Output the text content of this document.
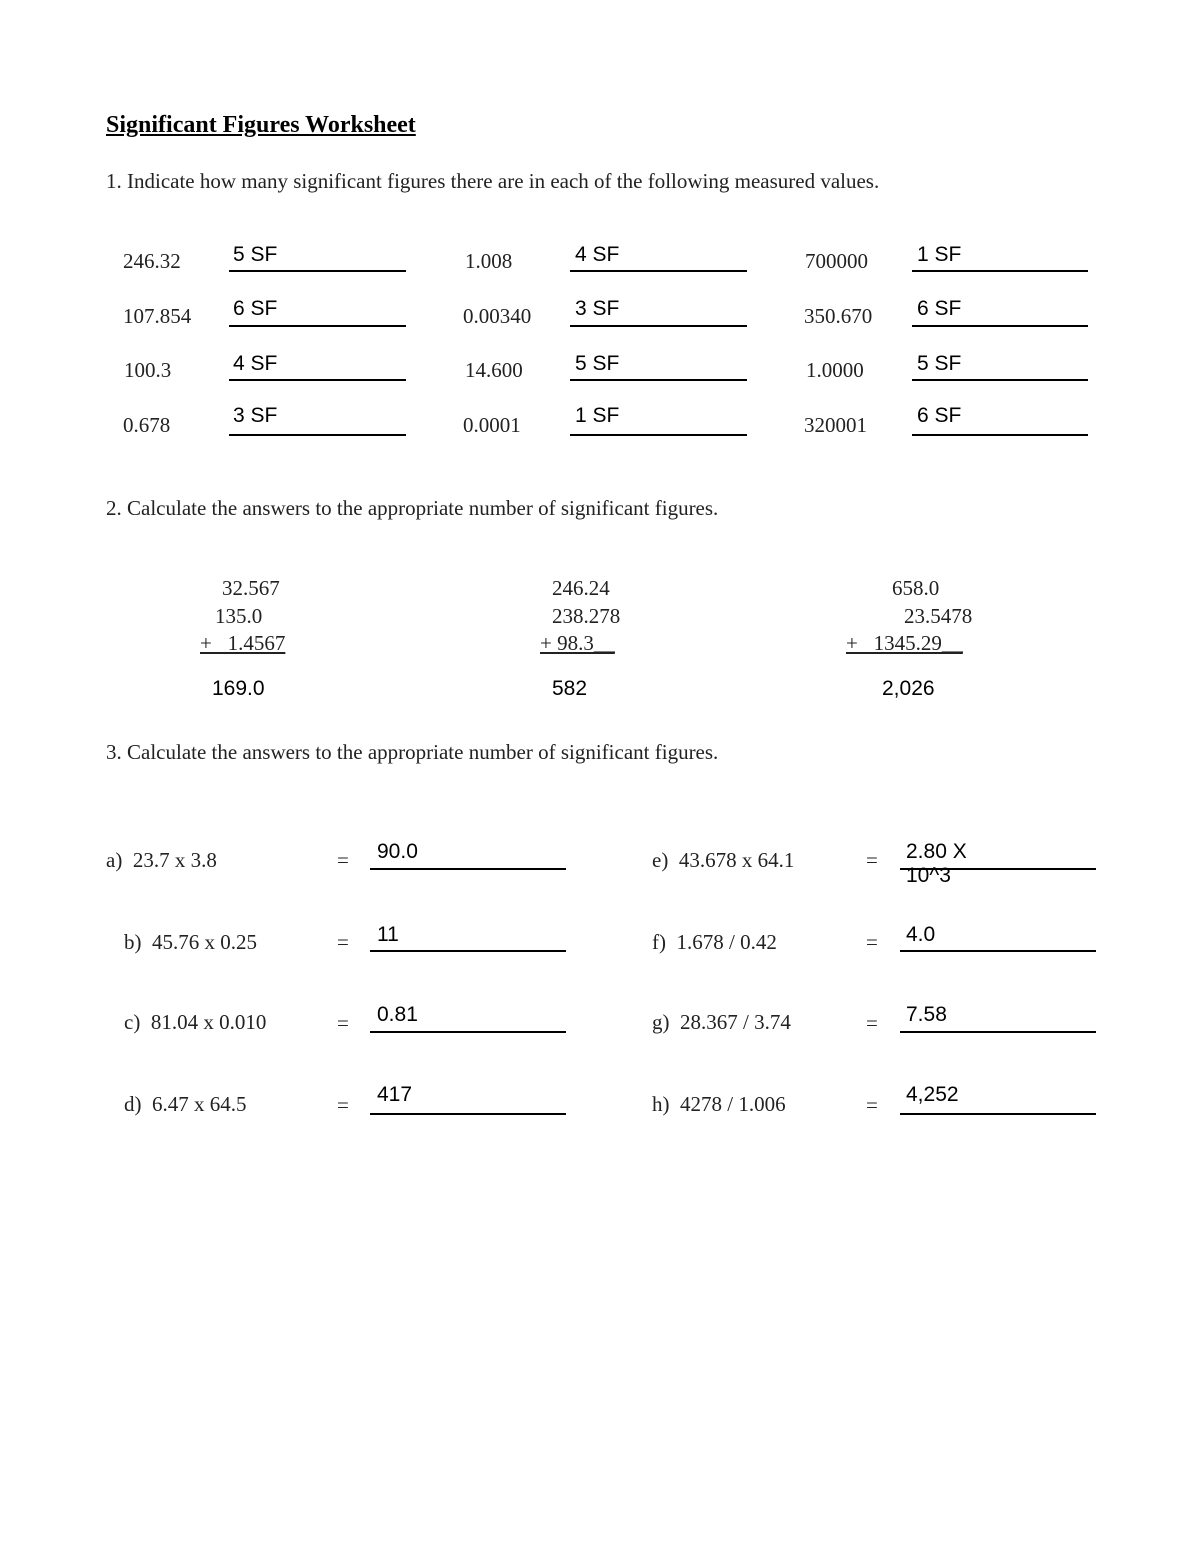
Significant Figures Worksheet
1. Indicate how many significant figures there are in each of the following measured values.
246.32 5 SF	1.008	4 SF	700000 1 SF
107.854 6 SF	0.00340 3 SF	350.670 6 SF
100.3	4 SF	14.600 5 SF	1.0000	5 SF
0.678	3 SF	0.0001	1 SF	320001 6 SF
2. Calculate the answers to the appropriate number of significant figures.
32.567
135.0
+   1.4567
169.0
246.24
238.278
+ 98.3__
582
658.0
23.5478
+   1345.29__
2,026
3. Calculate the answers to the appropriate number of significant figures.
a)  23.7 x 3.8	= 90.0
b)  45.76 x 0.25	= 11
c)  81.04 x 0.010	= 0.81
d)  6.47 x 64.5	= 417
e)  43.678 x 64.1	= 2.80 X
10^3
f)  1.678 / 0.42	= 4.0
g)  28.367 / 3.74	= 7.58
h)  4278 / 1.006	= 4,252
